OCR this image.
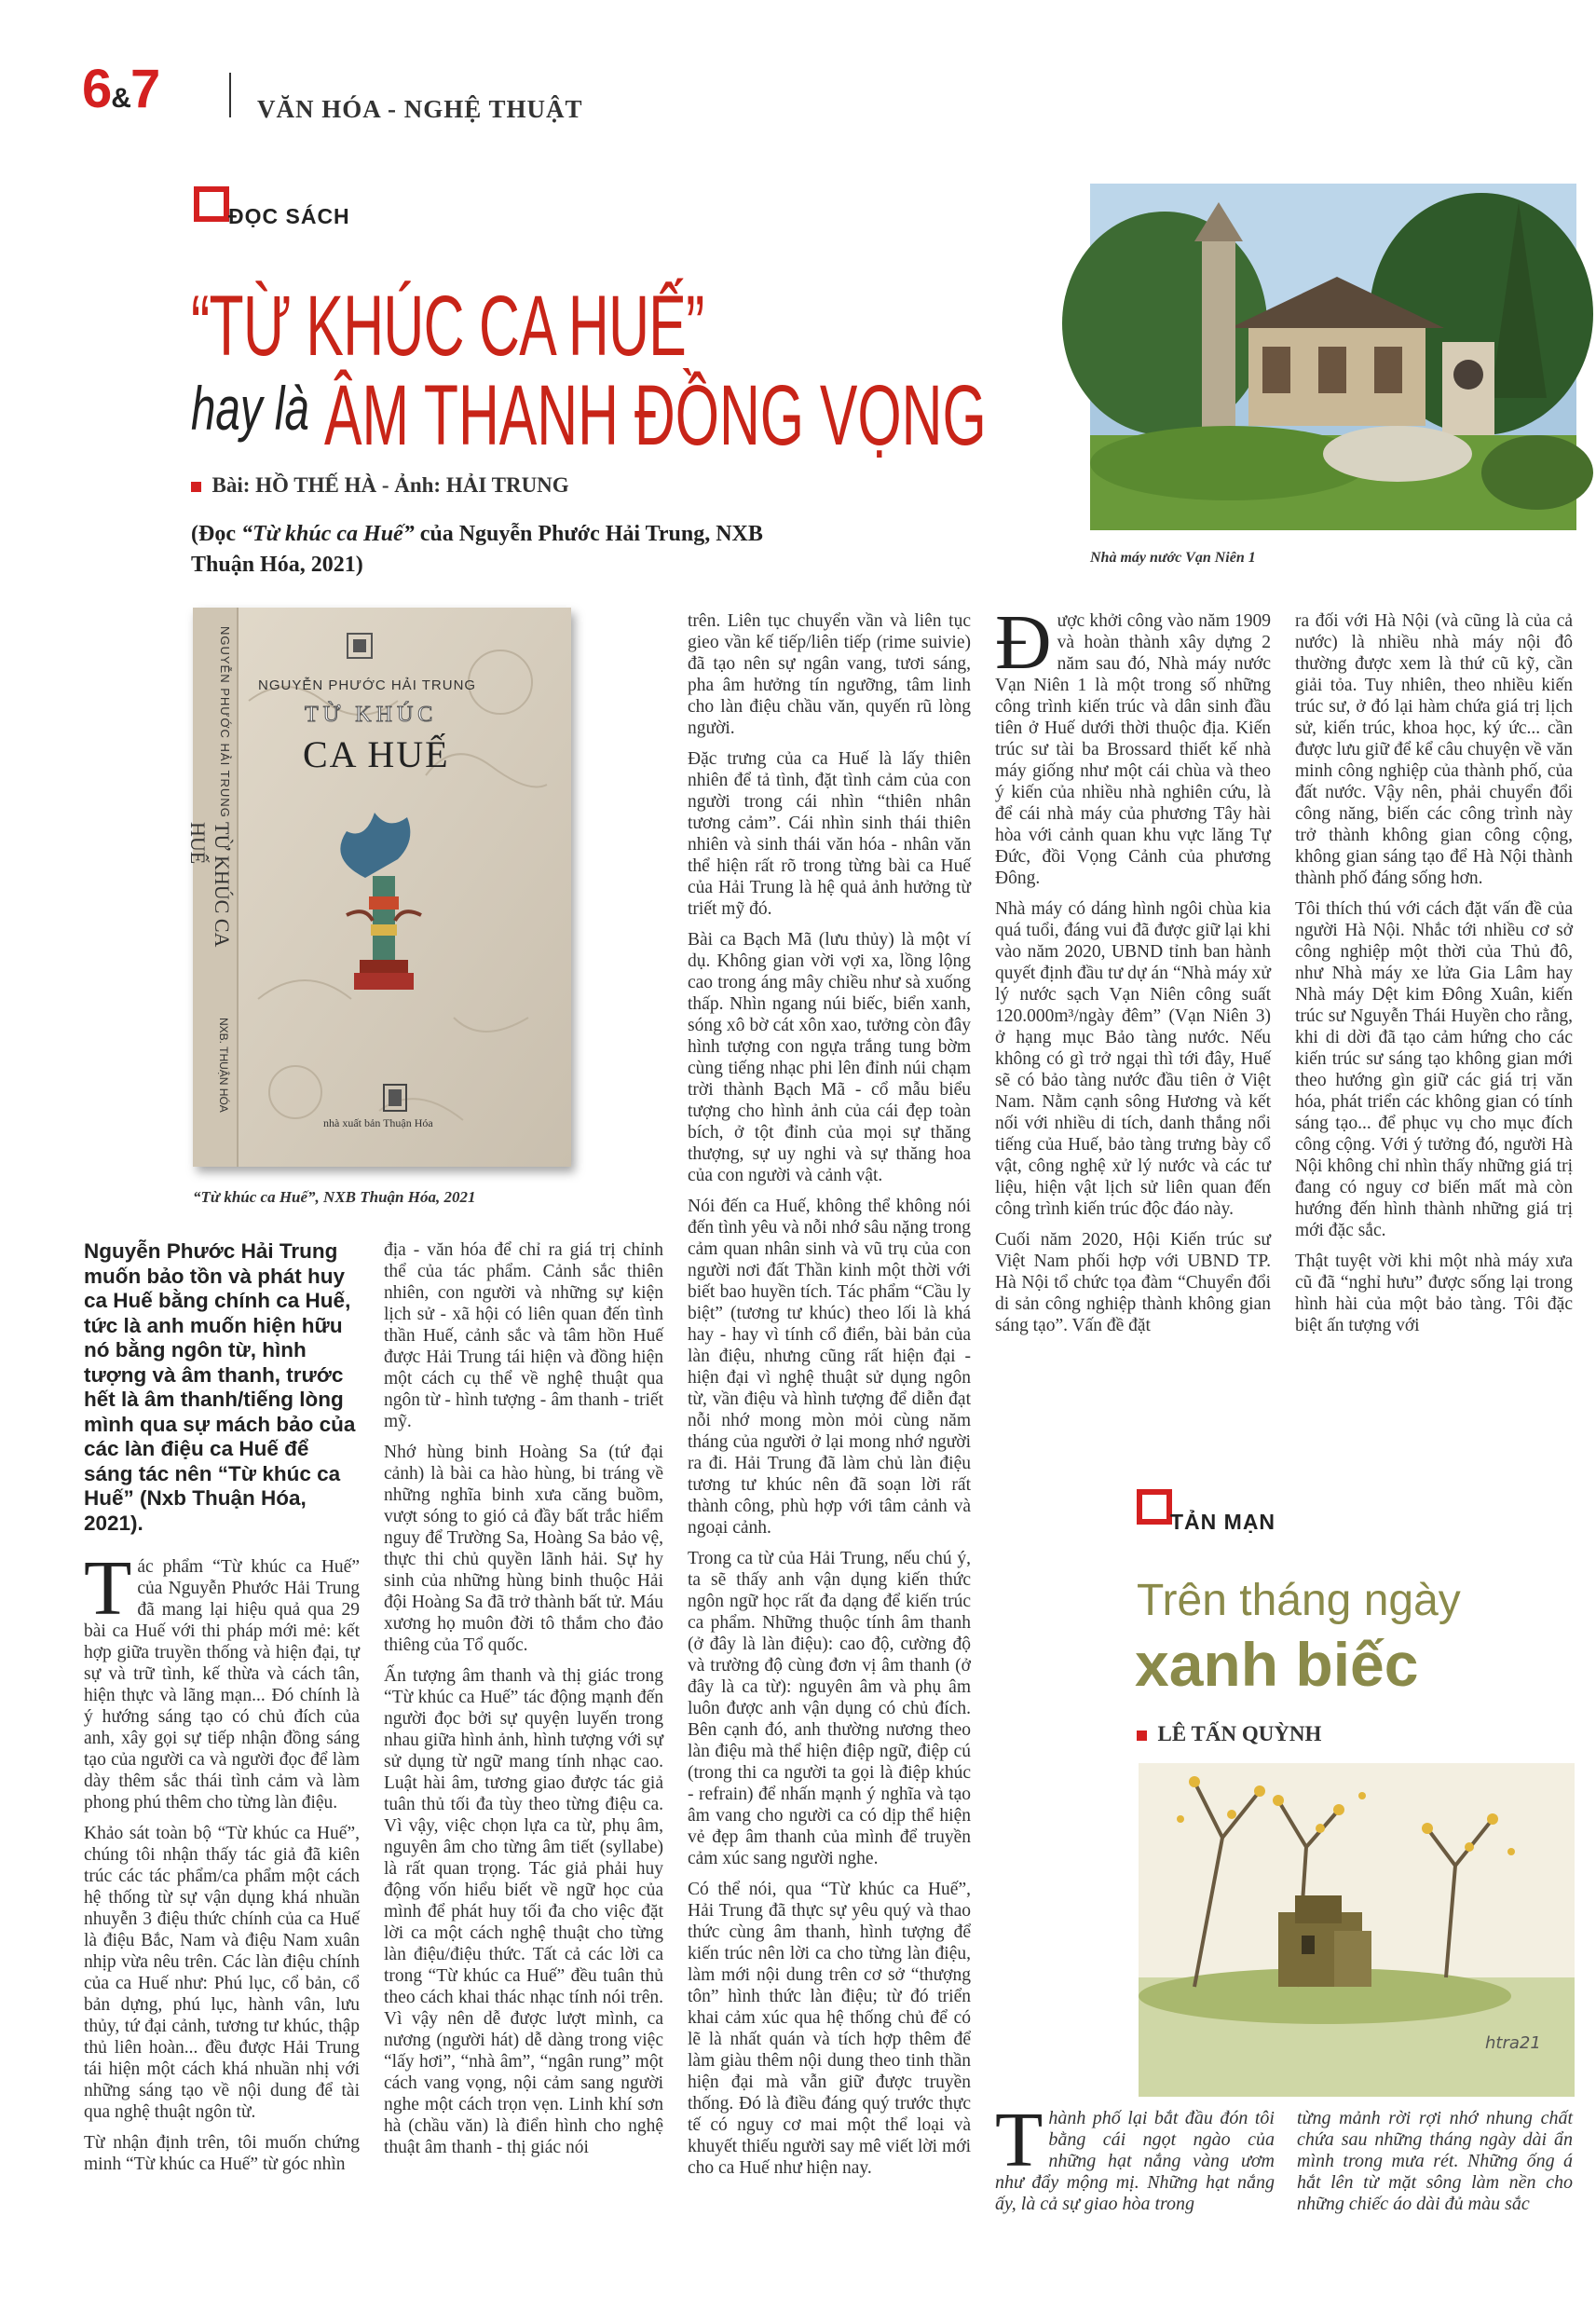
6&7	VĂN HÓA - NGHỆ THUẬT
ĐỌC SÁCH
“TỪ KHÚC CA HUẾ”
hay là ÂM THANH ĐỒNG VỌNG
Bài: HỒ THẾ HÀ - Ảnh: HẢI TRUNG
(Đọc “Từ khúc ca Huế” của Nguyễn Phước Hải Trung, NXB Thuận Hóa, 2021)
NGUYỄN PHƯỚC HẢI TRUNG
TỪ KHÚC CA HUẾ
NXB. THUẬN HÓA
NGUYỄN PHƯỚC HẢI TRUNG
TỪ KHÚC
CA HUẾ
nhà xuất bản Thuận Hóa
“Từ khúc ca Huế”, NXB Thuận Hóa, 2021
Nguyễn Phước Hải Trung muốn bảo tồn và phát huy ca Huế bằng chính ca Huế, tức là anh muốn hiện hữu nó bằng ngôn từ, hình tượng và âm thanh, trước hết là âm thanh/tiếng lòng mình qua sự mách bảo của các làn điệu ca Huế để sáng tác nên “Từ khúc ca Huế” (Nxb Thuận Hóa, 2021).

Tác phẩm “Từ khúc ca Huế” của Nguyễn Phước Hải Trung đã mang lại hiệu quả qua 29 bài ca Huế với thi pháp mới mẻ: kết hợp giữa truyền thống và hiện đại, tự sự và trữ tình, kế thừa và cách tân, hiện thực và lãng mạn... Đó chính là ý hướng sáng tạo có chủ đích của anh, xây gọi sự tiếp nhận đồng sáng tạo của người ca và người đọc để làm dày thêm sắc thái tình cảm và làm phong phú thêm cho từng làn điệu.

Khảo sát toàn bộ “Từ khúc ca Huế”, chúng tôi nhận thấy tác giả đã kiên trúc các tác phẩm/ca phẩm một cách hệ thống từ sự vận dụng khá nhuần nhuyễn 3 điệu thức chính của ca Huế là điệu Bắc, Nam và điệu Nam xuân nhịp vừa nêu trên. Các làn điệu chính của ca Huế như: Phú lục, cổ bản, cổ bản dựng, phú lục, hành vân, lưu thủy, tứ đại cảnh, tương tư khúc, thập thủ liên hoàn... đều được Hải Trung tái hiện một cách khá nhuần nhị với những sáng tạo về nội dung để tài qua nghệ thuật ngôn từ.

Từ nhận định trên, tôi muốn chứng minh “Từ khúc ca Huế” từ góc nhìn

địa - văn hóa để chỉ ra giá trị chỉnh thể của tác phẩm. Cảnh sắc thiên nhiên, con người và những sự kiện lịch sử - xã hội có liên quan đến tình thần Huế, cảnh sắc và tâm hồn Huế được Hải Trung tái hiện và đồng hiện một cách cụ thể về nghệ thuật qua ngôn từ - hình tượng - âm thanh - triết mỹ.

Nhớ hùng binh Hoàng Sa (tứ đại cảnh) là bài ca hào hùng, bi tráng về những nghĩa binh xưa căng buồm, vượt sóng to gió cả đầy bất trắc hiểm nguy để Trường Sa, Hoàng Sa bảo vệ, thực thi chủ quyền lãnh hải. Sự hy sinh của những hùng binh thuộc Hải đội Hoàng Sa đã trở thành bất tử. Máu xương họ muôn đời tô thắm cho đảo thiêng của Tổ quốc.

Ấn tượng âm thanh và thị giác trong “Từ khúc ca Huế” tác động mạnh đến người đọc bởi sự quyện luyến trong nhau giữa hình ảnh, hình tượng với sự sử dụng từ ngữ mang tính nhạc cao. Luật hài âm, tương giao được tác giả tuân thủ tối đa tùy theo từng điệu ca. Vì vậy, việc chọn lựa ca từ, phụ âm, nguyên âm cho từng âm tiết (syllabe) là rất quan trọng. Tác giả phải huy động vốn hiểu biết về ngữ học của mình để phát huy tối đa cho việc đặt lời ca một cách nghệ thuật cho từng làn điệu/điệu thức. Tất cả các lời ca trong “Từ khúc ca Huế” đều tuân thủ theo cách khai thác nhạc tính nói trên. Vì vậy nên dễ được lượt mình, ca nương (người hát) dễ dàng trong việc “lấy hơi”, “nhà âm”, “ngân rung” một cách vang vọng, nội cảm sang người nghe một cách trọn vẹn. Linh khí sơn hà (chầu văn) là điển hình cho nghệ thuật âm thanh - thị giác nói

trên. Liên tục chuyển vần và liên tục gieo vần kế tiếp/liên tiếp (rime suivie) đã tạo nên sự ngân vang, tươi sáng, pha âm hưởng tín ngưỡng, tâm linh cho làn điệu chầu văn, quyến rũ lòng người.

Đặc trưng của ca Huế là lấy thiên nhiên để tả tình, đặt tình cảm của con người trong cái nhìn “thiên nhân tương cảm”. Cái nhìn sinh thái thiên nhiên và sinh thái văn hóa - nhân văn thể hiện rất rõ trong từng bài ca Huế của Hải Trung là hệ quả ảnh hưởng từ triết mỹ đó.

Bài ca Bạch Mã (lưu thủy) là một ví dụ. Không gian vời vợi xa, lồng lộng cao trong áng mây chiều như sà xuống thấp. Nhìn ngang núi biếc, biển xanh, sóng xô bờ cát xôn xao, tưởng còn đây hình tượng con ngựa trắng tung bờm cùng tiếng nhạc phi lên đỉnh núi chạm trời thành Bạch Mã - cổ mẫu biểu tượng cho hình ảnh của cái đẹp toàn bích, ở tột đỉnh của mọi sự thăng thượng, sự uy nghi và sự thăng hoa của con người và cảnh vật.

Nói đến ca Huế, không thể không nói đến tình yêu và nỗi nhớ sâu nặng trong cảm quan nhân sinh và vũ trụ của con người nơi đất Thần kinh một thời với biết bao huyền tích. Tác phẩm “Cầu ly biệt” (tương tư khúc) theo lối là khá hay - hay vì tính cổ điển, bài bản của làn điệu, nhưng cũng rất hiện đại - hiện đại vì nghệ thuật sử dụng ngôn từ, vần điệu và hình tượng để diễn đạt nỗi nhớ mong mòn mỏi cùng năm tháng của người ở lại mong nhớ người ra đi. Hải Trung đã làm chủ làn điệu tương tư khúc nên đã soạn lời rất thành công, phù hợp với tâm cảnh và ngoại cảnh.

Trong ca từ của Hải Trung, nếu chú ý, ta sẽ thấy anh vận dụng kiến thức ngôn ngữ học rất đa dạng để kiến trúc ca phẩm. Những thuộc tính âm thanh (ở đây là làn điệu): cao độ, cường độ và trường độ cùng đơn vị âm thanh (ở đây là ca từ): nguyên âm và phụ âm luôn được anh vận dụng có chủ đích. Bên cạnh đó, anh thường nương theo làn điệu mà thể hiện điệp ngữ, điệp cú (trong thi ca người ta gọi là điệp khúc - refrain) để nhấn mạnh ý nghĩa và tạo âm vang cho người ca có dịp thể hiện vẻ đẹp âm thanh của mình để truyền cảm xúc sang người nghe.

Có thể nói, qua “Từ khúc ca Huế”, Hải Trung đã thực sự yêu quý và thao thức cùng âm thanh, hình tượng để kiến trúc nên lời ca cho từng làn điệu, làm mới nội dung trên cơ sở “thượng tôn” hình thức làn điệu; từ đó triển khai cảm xúc qua hệ thống chủ để có lẽ là nhất quán và tích hợp thêm để làm giàu thêm nội dung theo tinh thần hiện đại mà vẫn giữ được truyền thống. Đó là điều đáng quý trước thực tế có nguy cơ mai một thể loại và khuyết thiếu người say mê viết lời mới cho ca Huế như hiện nay.

Nhà máy nước Vạn Niên 1

Được khởi công vào năm 1909 và hoàn thành xây dựng 2 năm sau đó, Nhà máy nước Vạn Niên 1 là một trong số những công trình kiến trúc và dân sinh đầu tiên ở Huế dưới thời thuộc địa. Kiến trúc sư tài ba Brossard thiết kế nhà máy giống như một cái chùa và theo ý kiến của nhiều nhà nghiên cứu, là để cái nhà máy của phương Tây hài hòa với cảnh quan khu vực lăng Tự Đức, đồi Vọng Cảnh của phương Đông.

Nhà máy có dáng hình ngôi chùa kia quá tuổi, đáng vui đã được giữ lại khi vào năm 2020, UBND tỉnh ban hành quyết định đầu tư dự án “Nhà máy xử lý nước sạch Vạn Niên công suất 120.000m³/ngày đêm” (Vạn Niên 3) ở hạng mục Bảo tàng nước. Nếu không có gì trở ngại thì tới đây, Huế sẽ có bảo tàng nước đầu tiên ở Việt Nam. Nằm cạnh sông Hương và kết nối với nhiều di tích, danh thắng nổi tiếng của Huế, bảo tàng trưng bày cổ vật, công nghệ xử lý nước và các tư liệu, hiện vật lịch sử liên quan đến công trình kiến trúc độc đáo này.

Cuối năm 2020, Hội Kiến trúc sư Việt Nam phối hợp với UBND TP. Hà Nội tổ chức tọa đàm “Chuyển đổi di sản công nghiệp thành không gian sáng tạo”. Vấn đề đặt

ra đối với Hà Nội (và cũng là của cả nước) là nhiều nhà máy nội đô thường được xem là thứ cũ kỹ, cần giải tỏa. Tuy nhiên, theo nhiều kiến trúc sư, ở đó lại hàm chứa giá trị lịch sử, kiến trúc, khoa học, ký ức... cần được lưu giữ để kể câu chuyện về văn minh công nghiệp của thành phố, của đất nước. Vậy nên, phải chuyển đổi công năng, biến các công trình này trở thành không gian công cộng, không gian sáng tạo để Hà Nội thành thành phố đáng sống hơn.

Tôi thích thú với cách đặt vấn đề của người Hà Nội. Nhắc tới nhiều cơ sở công nghiệp một thời của Thủ đô, như Nhà máy xe lửa Gia Lâm hay Nhà máy Dệt kim Đông Xuân, kiến trúc sư Nguyễn Thái Huyền cho rằng, khi di dời đã tạo cảm hứng cho các kiến trúc sư sáng tạo không gian mới theo hướng gìn giữ các giá trị văn hóa, phát triển các không gian có tính sáng tạo... để phục vụ cho mục đích công cộng. Với ý tưởng đó, người Hà Nội không chỉ nhìn thấy những giá trị đang có nguy cơ biến mất mà còn hướng đến hình thành những giá trị mới đặc sắc.

Thật tuyệt vời khi một nhà máy xưa cũ đã “nghỉ hưu” được sống lại trong hình hài của một bảo tàng. Tôi đặc biệt ấn tượng với

TẢN MẠN
Trên tháng ngày
xanh biếc
LÊ TẤN QUỲNH
htra21
Thành phố lại bắt đầu đón tôi bằng cái ngọt ngào của những hạt nắng vàng ươm như đẩy mộng mị. Những hạt nắng ấy, là cả sự giao hòa trong
từng mảnh rời rợi nhớ nhung chất chứa sau những tháng ngày dài ẩn mình trong mưa rét. Những ống á hắt lên từ mặt sông làm nền cho những chiếc áo dài đủ màu sắc
